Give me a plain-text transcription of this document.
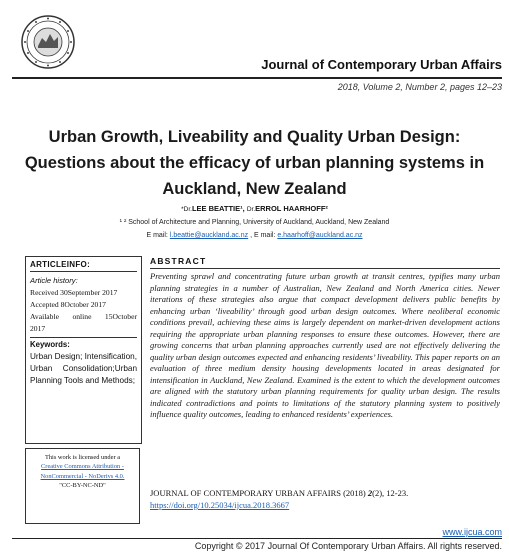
Journal of Contemporary Urban Affairs
2018, Volume 2, Number 2, pages 12–23
Urban Growth, Liveability and Quality Urban Design: Questions about the efficacy of urban planning systems in Auckland, New Zealand
*Dr.LEE BEATTIE¹, Dr.ERROL HAARHOFF²
¹ ² School of Architecture and Planning, University of Auckland, Auckland, New Zealand
E mail: l.beattie@auckland.ac.nz , E mail: e.haarhoff@auckland.ac.nz
ARTICLEINFO:
Article history:
Received 30September 2017
Accepted 8October 2017
Available online 15October
2017
Keywords:
Urban Design; Intensification, Urban Consolidation;Urban Planning Tools and Methods;
This work is licensed under a
Creative Commons Attribution - NonCommercial - NoDerivs 4.0.
"CC-BY-NC-ND"
ABSTRACT
Preventing sprawl and concentrating future urban growth at transit centres, typifies many urban planning strategies in a number of Australian, New Zealand and North America cities. Newer iterations of these strategies also argue that compact development delivers public benefits by enhancing urban ‘liveability’ through good urban design outcomes. Where neoliberal economic conditions prevail, achieving these aims is largely dependent on market-driven development actions requiring the appropriate urban planning responses to ensure these outcomes. However, there are growing concerns that urban planning approaches currently used are not effectively delivering the quality urban design outcomes expected and enhancing residents’ liveability. This paper reports on an evaluation of three medium density housing developments located in areas designated for intensification in Auckland, New Zealand. Examined is the extent to which the development outcomes are aligned with the statutory urban planning requirements for quality urban design. The results indicated contradictions and points to limitations of the statutory planning system to positively influence quality outcomes, leading to enhanced residents’ experiences.
JOURNAL OF CONTEMPORARY URBAN AFFAIRS (2018) 2(2), 12-23.
https://doi.org/10.25034/ijcua.2018.3667
www.ijcua.com
Copyright © 2017 Journal Of Contemporary Urban Affairs. All rights reserved.
